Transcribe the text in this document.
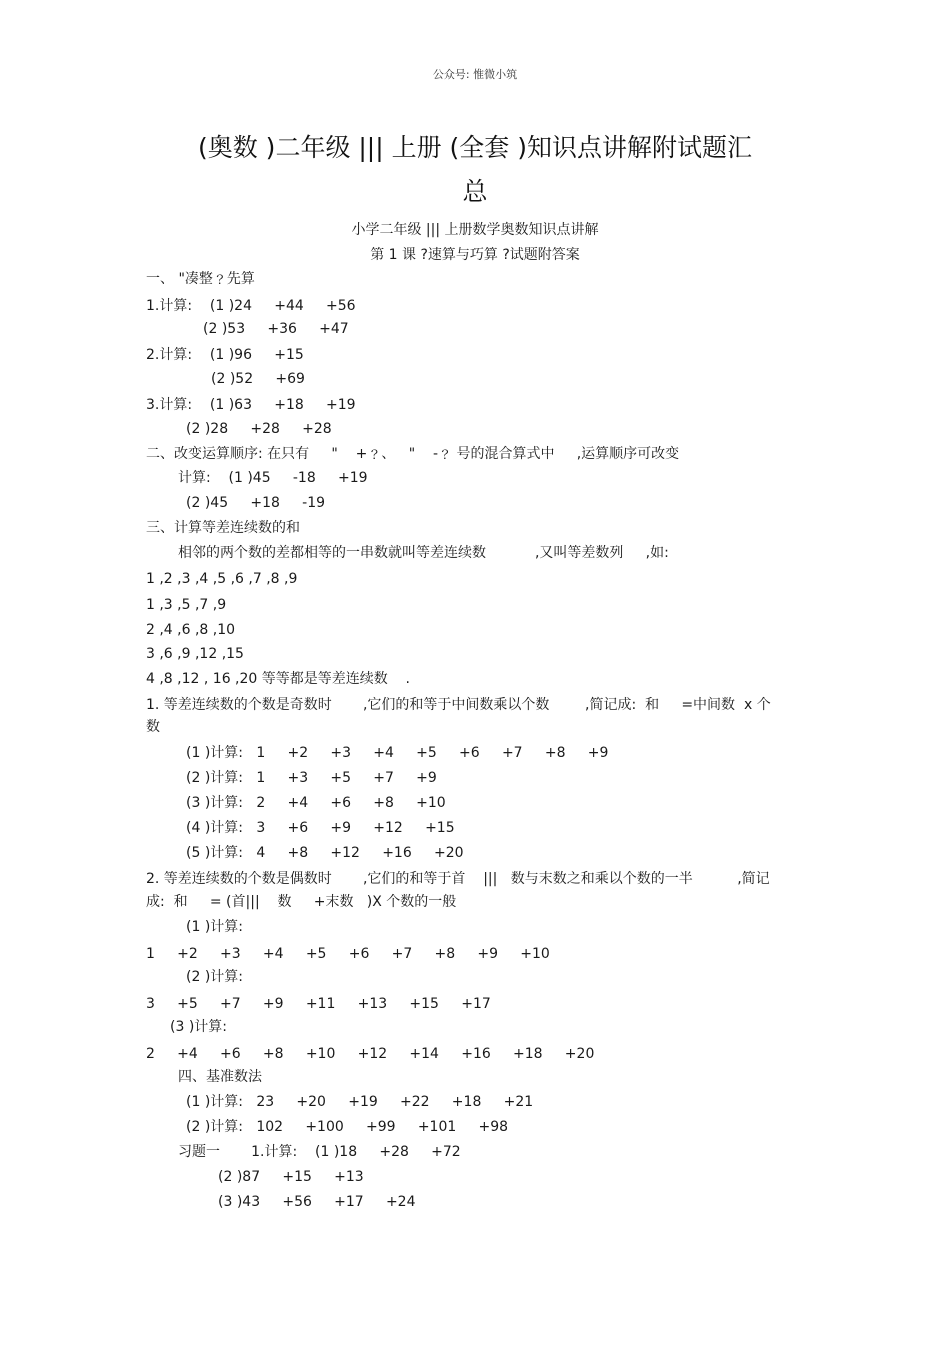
公众号: 惟微小筑
(奥数 )二年级 ||| 上册 (全套 )知识点讲解附试题汇
总
小学二年级 ||| 上册数学奥数知识点讲解
第 1 课 ?速算与巧算 ?试题附答案
一、 "凑整﹖先算
1.计算:    (1 )24     +44     +56
(2 )53     +36     +47
2.计算:    (1 )96     +15
(2 )52     +69
3.计算:    (1 )63     +18     +19
(2 )28     +28     +28
二、改变运算顺序: 在只有     "    +﹖、   "    -﹖ 号的混合算式中     ,运算顺序可改变
计算:    (1 )45     -18     +19
(2 )45     +18     -19
三、计算等差连续数的和
相邻的两个数的差都相等的一串数就叫等差连续数           ,又叫等差数列     ,如:
1 ,2 ,3 ,4 ,5 ,6 ,7 ,8 ,9
1 ,3 ,5 ,7 ,9
2 ,4 ,6 ,8 ,10
3 ,6 ,9 ,12 ,15
4 ,8 ,12 , 16 ,20 等等都是等差连续数    .
1. 等差连续数的个数是奇数时       ,它们的和等于中间数乘以个数        ,简记成:  和     =中间数  x 个
数
(1 )计算:   1     +2     +3     +4     +5     +6     +7     +8     +9
(2 )计算:   1     +3     +5     +7     +9
(3 )计算:   2     +4     +6     +8     +10
(4 )计算:   3     +6     +9     +12     +15
(5 )计算:   4     +8     +12     +16     +20
2. 等差连续数的个数是偶数时       ,它们的和等于首    |||   数与末数之和乘以个数的一半          ,简记
成:  和     = (首|||    数     +末数   )X 个数的一般
(1 )计算:
1     +2     +3     +4     +5     +6     +7     +8     +9     +10
(2 )计算:
3     +5     +7     +9     +11     +13     +15     +17
(3 )计算:
2     +4     +6     +8     +10     +12     +14     +16     +18     +20
四、基准数法
(1 )计算:   23     +20     +19     +22     +18     +21
(2 )计算:   102     +100     +99     +101     +98
习题一       1.计算:    (1 )18     +28     +72
(2 )87     +15     +13
(3 )43     +56     +17     +24
